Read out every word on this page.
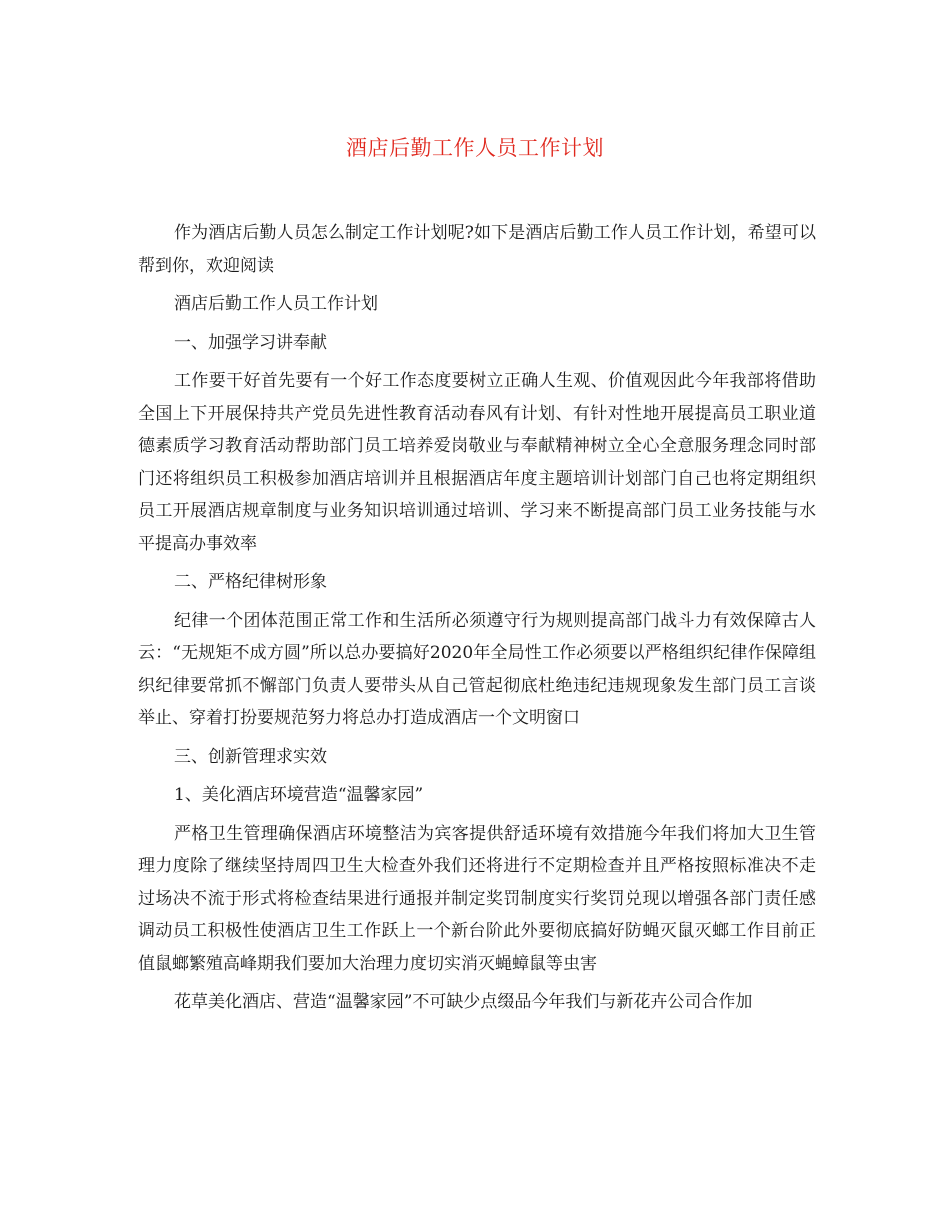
酒店后勤工作人员工作计划

作为酒店后勤人员怎么制定工作计划呢?如下是酒店后勤工作人员工作计划，希望可以帮到你，欢迎阅读

酒店后勤工作人员工作计划

一、加强学习讲奉献

工作要干好首先要有一个好工作态度要树立正确人生观、价值观因此今年我部将借助全国上下开展保持共产党员先进性教育活动春风有计划、有针对性地开展提高员工职业道德素质学习教育活动帮助部门员工培养爱岗敬业与奉献精神树立全心全意服务理念同时部门还将组织员工积极参加酒店培训并且根据酒店年度主题培训计划部门自己也将定期组织员工开展酒店规章制度与业务知识培训通过培训、学习来不断提高部门员工业务技能与水平提高办事效率

二、严格纪律树形象

纪律一个团体范围正常工作和生活所必须遵守行为规则提高部门战斗力有效保障古人云：“无规矩不成方圆”所以总办要搞好2020年全局性工作必须要以严格组织纪律作保障组织纪律要常抓不懈部门负责人要带头从自己管起彻底杜绝违纪违规现象发生部门员工言谈举止、穿着打扮要规范努力将总办打造成酒店一个文明窗口

三、创新管理求实效

1、美化酒店环境营造“温馨家园”

严格卫生管理确保酒店环境整洁为宾客提供舒适环境有效措施今年我们将加大卫生管理力度除了继续坚持周四卫生大检查外我们还将进行不定期检查并且严格按照标准决不走过场决不流于形式将检查结果进行通报并制定奖罚制度实行奖罚兑现以增强各部门责任感调动员工积极性使酒店卫生工作跃上一个新台阶此外要彻底搞好防蝇灭鼠灭螂工作目前正值鼠螂繁殖高峰期我们要加大治理力度切实消灭蝇蟑鼠等虫害

花草美化酒店、营造“温馨家园”不可缺少点缀品今年我们与新花卉公司合作加
